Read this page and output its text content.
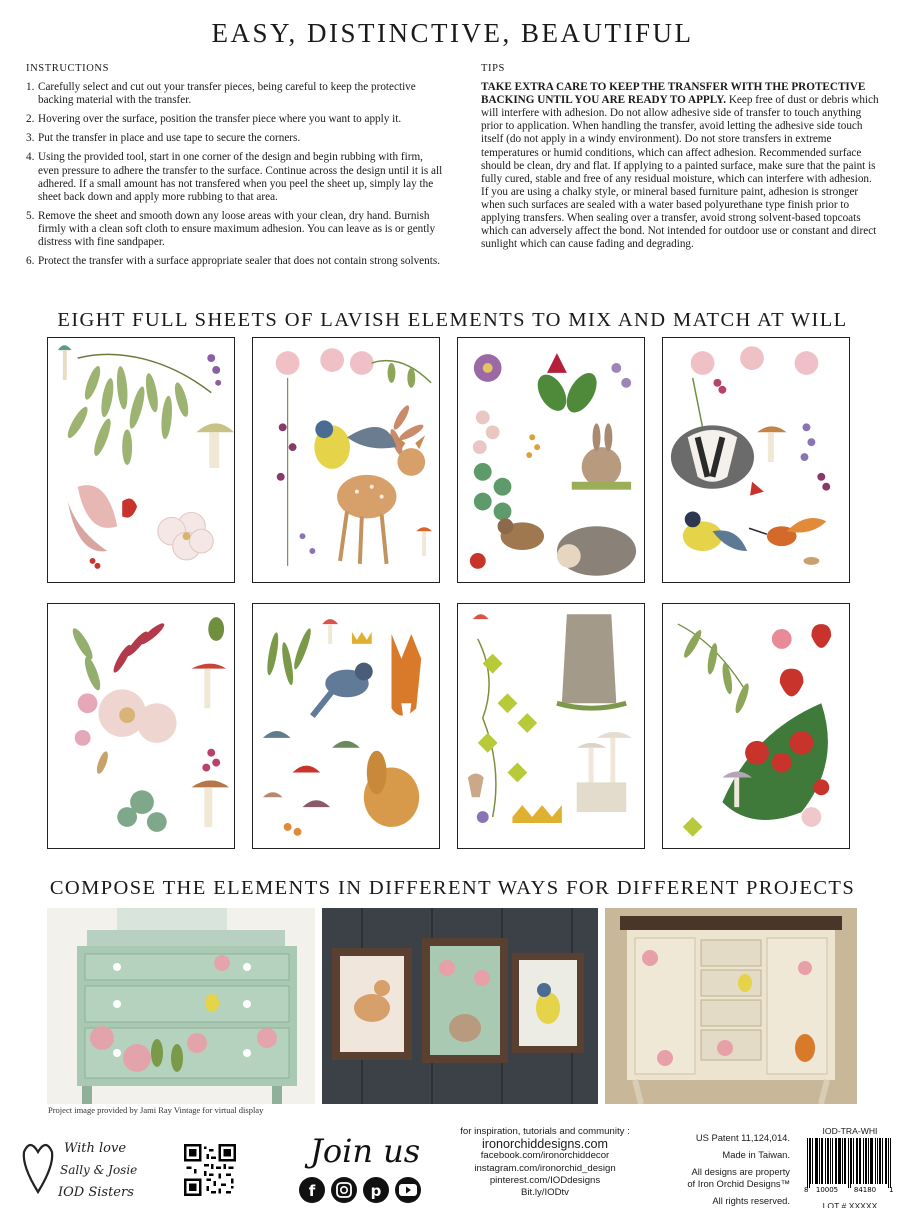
EASY, DISTINCTIVE, BEAUTIFUL
INSTRUCTIONS
1. Carefully select and cut out your transfer pieces, being careful to keep the protective backing material with the transfer.
2. Hovering over the surface, position the transfer piece where you want to apply it.
3. Put the transfer in place and use tape to secure the corners.
4. Using the provided tool, start in one corner of the design and begin rubbing with firm, even pressure to adhere the transfer to the surface. Continue across the design until it is all adhered. If a small amount has not transfered when you peel the sheet up, simply lay the sheet back down and apply more rubbing to that area.
5. Remove the sheet and smooth down any loose areas with your clean, dry hand. Burnish firmly with a clean soft cloth to ensure maximum adhesion. You can leave as is or gently distress with fine sandpaper.
6. Protect the transfer with a surface appropriate sealer that does not contain strong solvents.
TIPS
TAKE EXTRA CARE TO KEEP THE TRANSFER WITH THE PROTECTIVE BACKING UNTIL YOU ARE READY TO APPLY. Keep free of dust or debris which will interfere with adhesion. Do not allow adhesive side of transfer to touch anything prior to application. When handling the transfer, avoid letting the adhesive side touch itself (do not apply in a windy environment). Do not store transfers in extreme temperatures or humid conditions, which can affect adhesion. Recommended surface should be clean, dry and flat. If applying to a painted surface, make sure that the paint is fully cured, stable and free of any residual moisture, which can interfere with adhesion. If you are using a chalky style, or mineral based furniture paint, adhesion is stronger when such surfaces are sealed with a water based polyurethane type finish prior to applying transfers. When sealing over a transfer, avoid strong solvent-based topcoats which can adversely affect the bond. Not intended for outdoor use or constant and direct sunlight which can cause fading and degrading.
EIGHT FULL SHEETS OF LAVISH ELEMENTS TO MIX AND MATCH AT WILL
COMPOSE THE ELEMENTS IN DIFFERENT WAYS FOR DIFFERENT PROJECTS
Project image provided by Jami Ray Vintage for virtual display
With love
Sally & Josie
IOD Sisters
Join us
f	p
for inspiration, tutorials and community :
ironorchiddesigns.com
facebook.com/ironorchiddecor
instagram.com/ironorchid_design
pinterest.com/IODdesigns
Bit.ly/IODtv
US Patent 11,124,014.
Made in Taiwan.
All designs are property
of Iron Orchid Designs™
All rights reserved.
IOD-TRA-WHI
8 10005 84180 1
LOT # XXXXX
